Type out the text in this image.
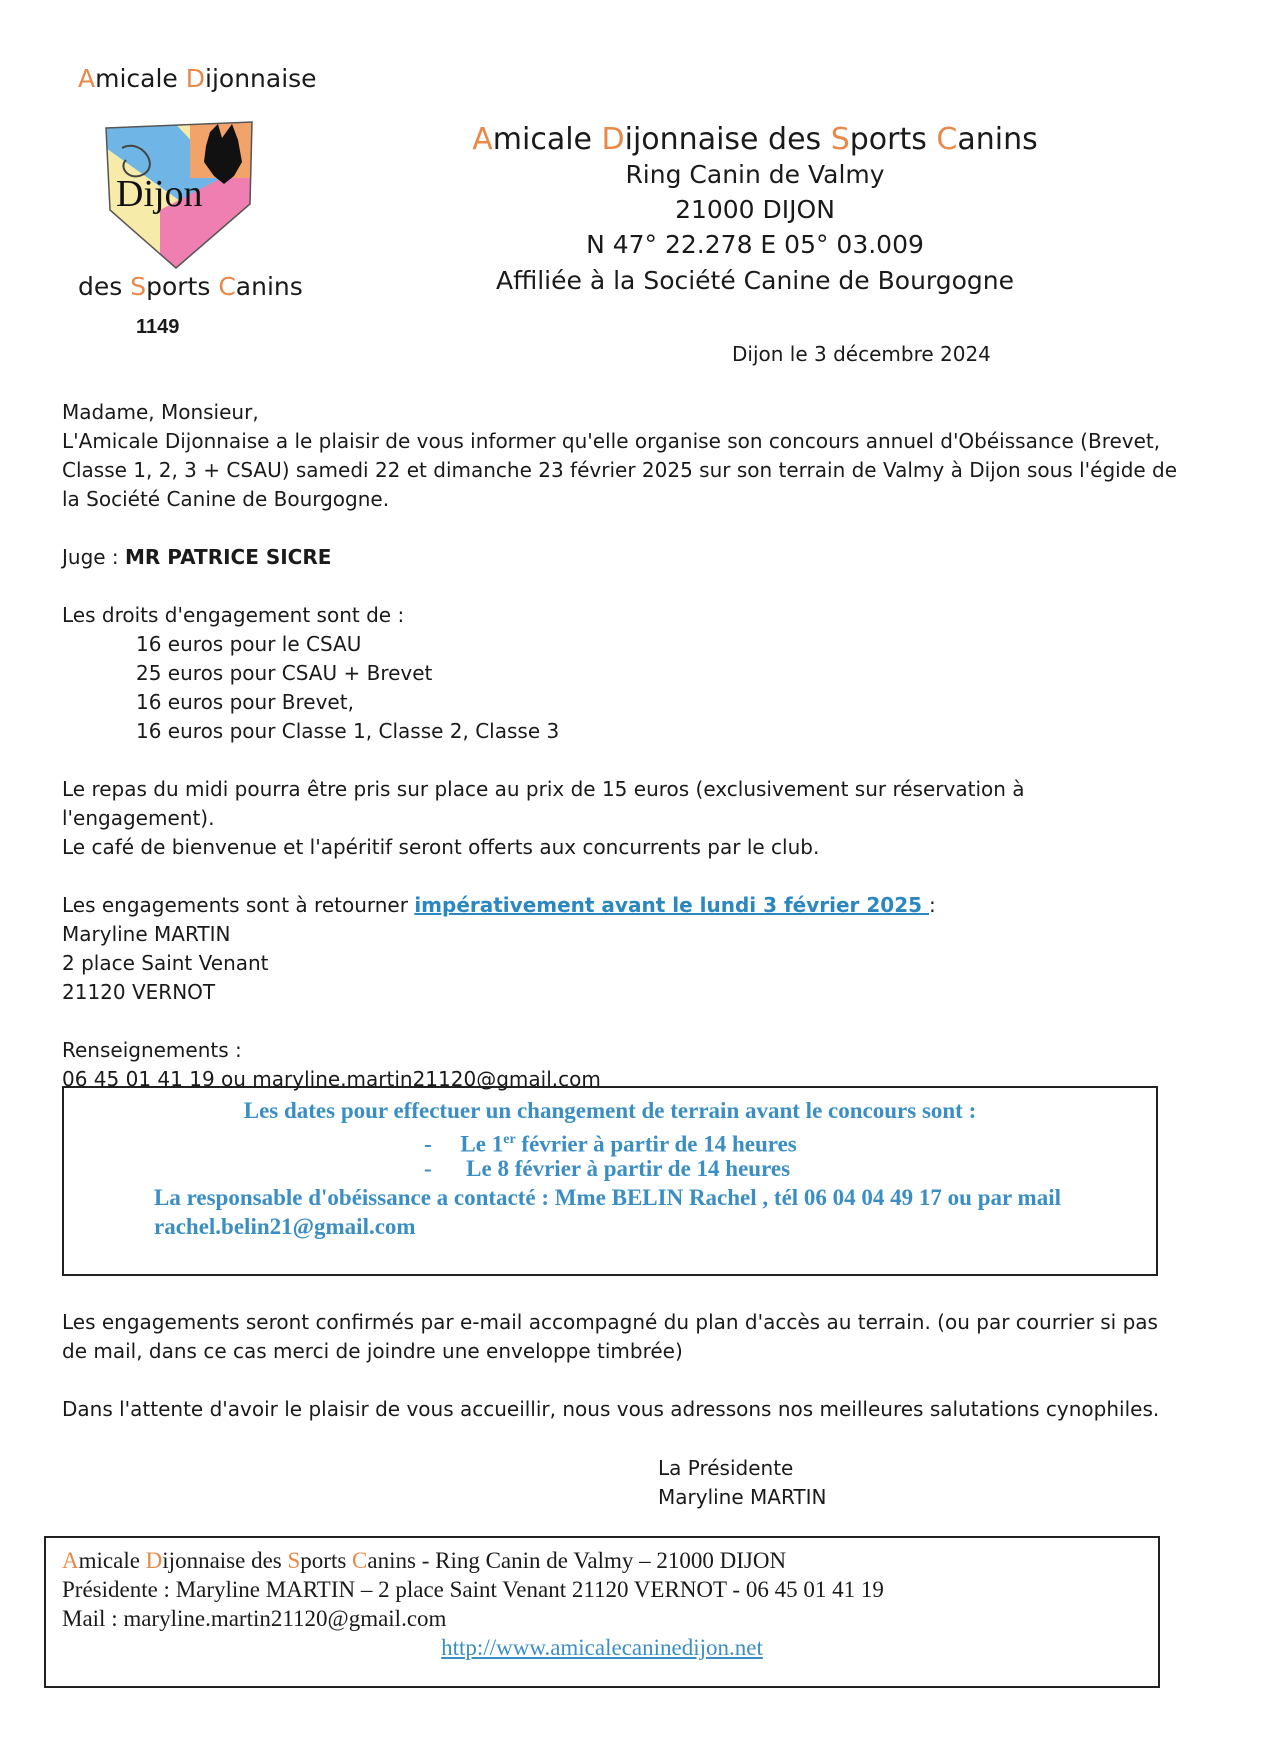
Amicale Dijonnaise
Dijon
des Sports Canins
1149
Amicale Dijonnaise des Sports Canins
Ring Canin de Valmy
21000 DIJON
N 47° 22.278 E 05° 03.009
Affiliée à la Société Canine de Bourgogne
Dijon le 3 décembre 2024

Madame, Monsieur,

L'Amicale Dijonnaise a le plaisir de vous informer qu'elle organise son concours annuel d'Obéissance (Brevet, Classe 1, 2, 3 + CSAU) samedi 22 et dimanche 23 février 2025 sur son terrain de Valmy à Dijon sous l'égide de la Société Canine de Bourgogne.

Juge : MR PATRICE SICRE

Les droits d'engagement sont de :

16 euros pour le CSAU

25 euros pour CSAU + Brevet

16 euros pour Brevet,

16 euros pour Classe 1, Classe 2, Classe 3

Le repas du midi pourra être pris sur place au prix de 15 euros (exclusivement sur réservation à l'engagement).

Le café de bienvenue et l'apéritif seront offerts aux concurrents par le club.

Les engagements sont à retourner impérativement avant le lundi 3 février 2025 :

Maryline MARTIN

2 place Saint Venant

21120 VERNOT

Renseignements :

06 45 01 41 19 ou maryline.martin21120@gmail.com

Les dates pour effectuer un changement de terrain avant le concours sont :
-     Le 1er février à partir de 14 heures
-      Le 8 février à partir de 14 heures
La responsable d'obéissance a contacté : Mme BELIN Rachel , tél 06 04 04 49 17 ou par mail rachel.belin21@gmail.com

Les engagements seront confirmés par e-mail accompagné du plan d'accès au terrain. (ou par courrier si pas de mail, dans ce cas merci de joindre une enveloppe timbrée)

Dans l'attente d'avoir le plaisir de vous accueillir, nous vous adressons nos meilleures salutations cynophiles.

La Présidente
Maryline MARTIN
Amicale Dijonnaise des Sports Canins - Ring Canin de Valmy – 21000 DIJON
Présidente : Maryline MARTIN – 2 place Saint Venant 21120 VERNOT - 06 45 01 41 19
Mail : maryline.martin21120@gmail.com
http://www.amicalecaninedijon.net
